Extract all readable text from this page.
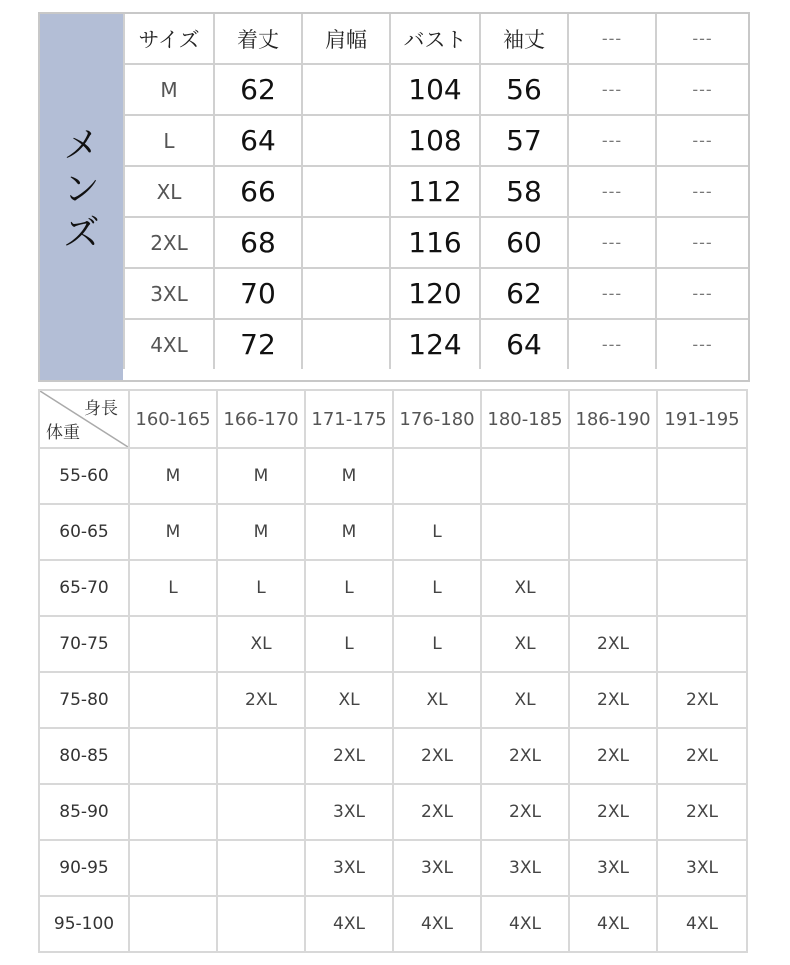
メ
ン
ズ
サイズ	着丈	肩幅	バスト	袖丈	---	---
M	62		104	56	---	---
L	64		108	57	---	---
XL	66		112	58	---	---
2XL	68		116	60	---	---
3XL	70		120	62	---	---
4XL	72		124	64	---	---
身長
体重	160-165	166-170	171-175	176-180	180-185	186-190	191-195
55-60	M	M	M				
60-65	M	M	M	L			
65-70	L	L	L	L	XL		
70-75		XL	L	L	XL	2XL	
75-80		2XL	XL	XL	XL	2XL	2XL
80-85			2XL	2XL	2XL	2XL	2XL
85-90			3XL	2XL	2XL	2XL	2XL
90-95			3XL	3XL	3XL	3XL	3XL
95-100			4XL	4XL	4XL	4XL	4XL
